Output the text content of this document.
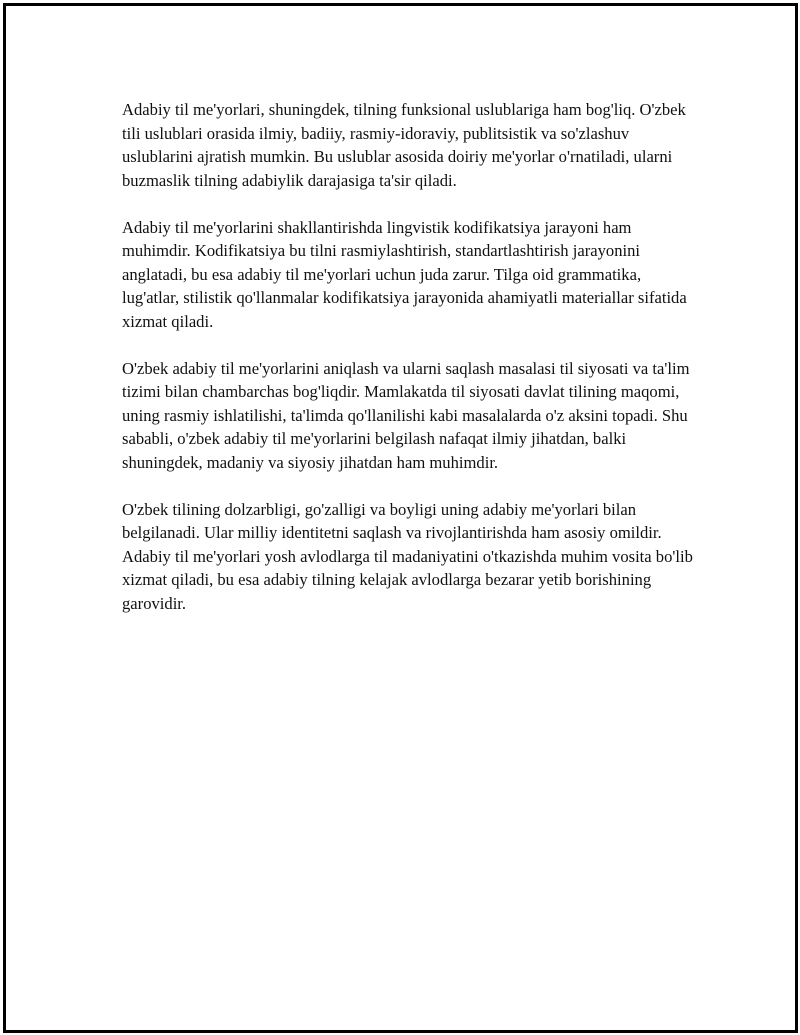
Adabiy til me'yorlari, shuningdek, tilning funksional uslublariga ham bog'liq. O'zbek tili uslublari orasida ilmiy, badiiy, rasmiy-idoraviy, publitsistik va so'zlashuv uslublarini ajratish mumkin. Bu uslublar asosida doiriy me'yorlar o'rnatiladi, ularni buzmaslik tilning adabiylik darajasiga ta'sir qiladi.

Adabiy til me'yorlarini shakllantirishda lingvistik kodifikatsiya jarayoni ham muhimdir. Kodifikatsiya bu tilni rasmiylashtirish, standartlashtirish jarayonini anglatadi, bu esa adabiy til me'yorlari uchun juda zarur. Tilga oid grammatika, lug'atlar, stilistik qo'llanmalar kodifikatsiya jarayonida ahamiyatli materiallar sifatida xizmat qiladi.

O'zbek adabiy til me'yorlarini aniqlash va ularni saqlash masalasi til siyosati va ta'lim tizimi bilan chambarchas bog'liqdir. Mamlakatda til siyosati davlat tilining maqomi, uning rasmiy ishlatilishi, ta'limda qo'llanilishi kabi masalalarda o'z aksini topadi. Shu sababli, o'zbek adabiy til me'yorlarini belgilash nafaqat ilmiy jihatdan, balki shuningdek, madaniy va siyosiy jihatdan ham muhimdir.

O'zbek tilining dolzarbligi, go'zalligi va boyligi uning adabiy me'yorlari bilan belgilanadi. Ular milliy identitetni saqlash va rivojlantirishda ham asosiy omildir. Adabiy til me'yorlari yosh avlodlarga til madaniyatini o'tkazishda muhim vosita bo'lib xizmat qiladi, bu esa adabiy tilning kelajak avlodlarga bezarar yetib borishining garovidir.
